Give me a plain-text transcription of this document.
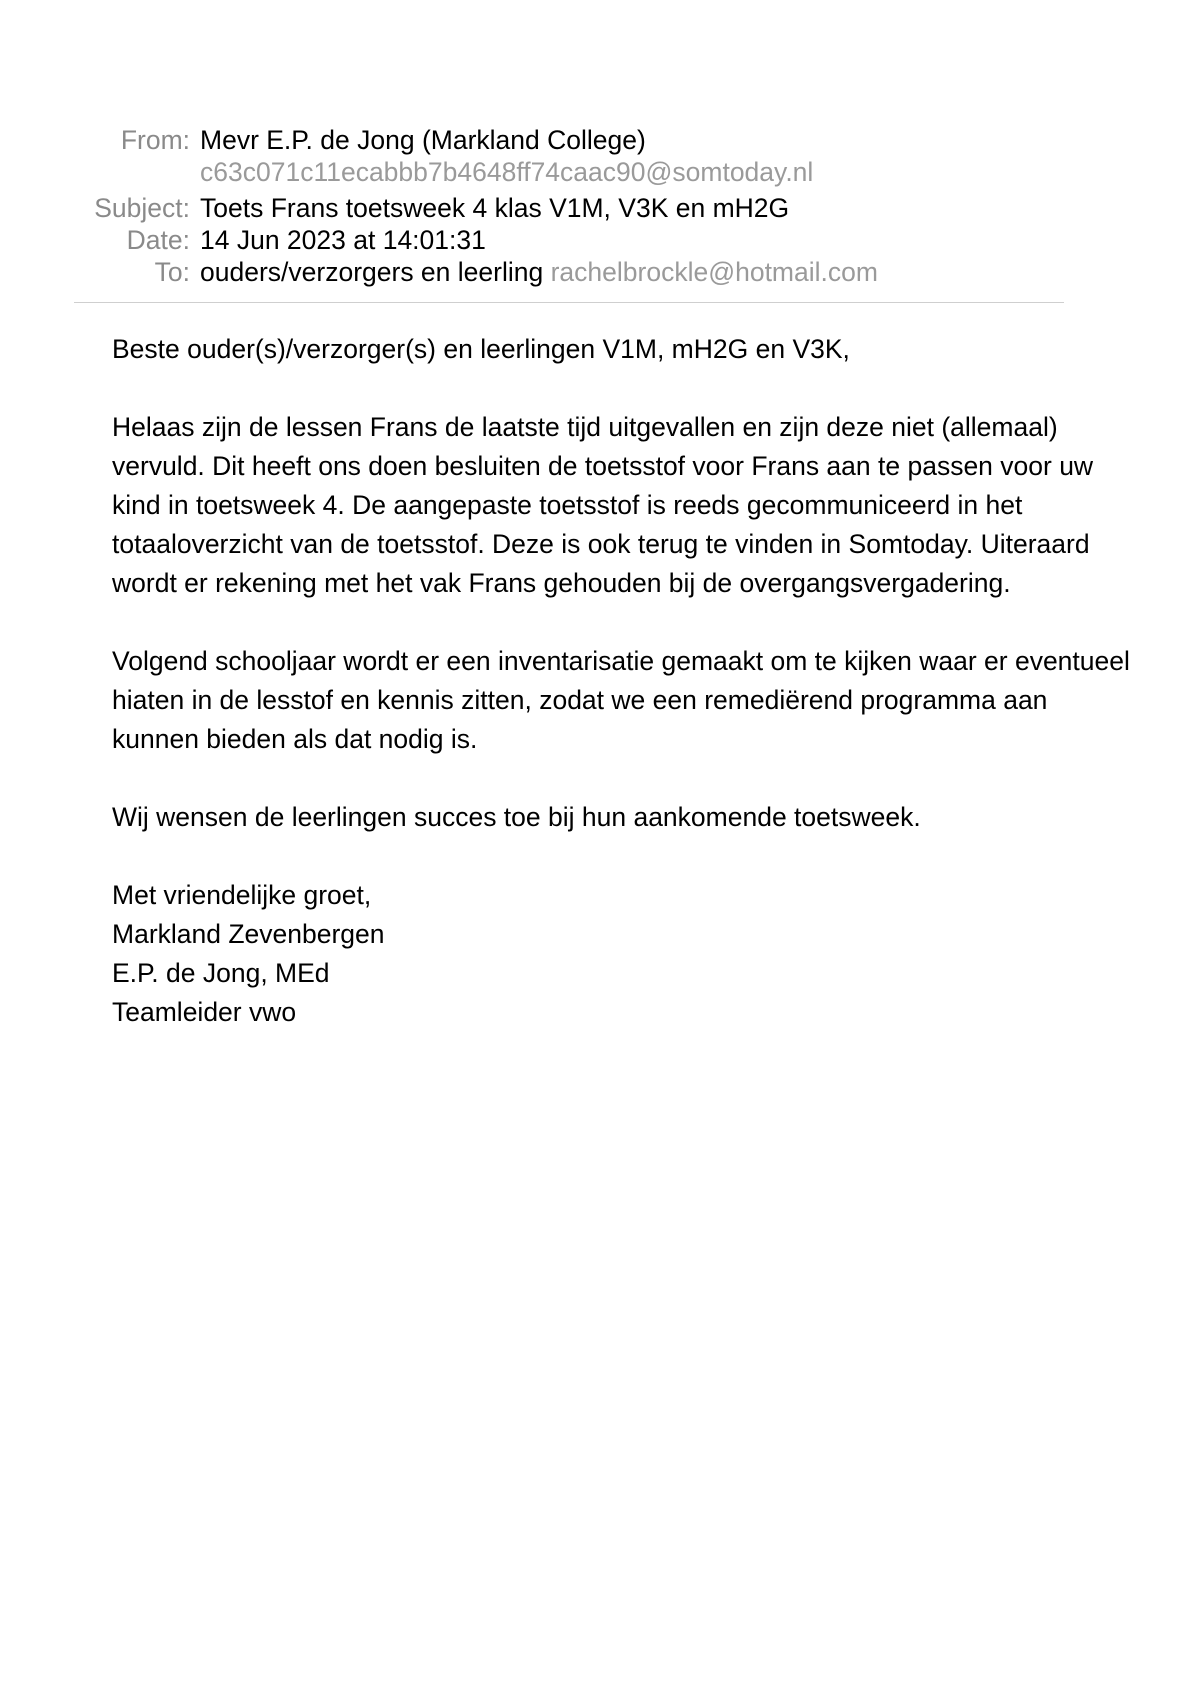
From: Mevr E.P. de Jong (Markland College)
c63c071c11ecabbb7b4648ff74caac90@somtoday.nl
Subject: Toets Frans toetsweek 4 klas V1M, V3K en mH2G
Date: 14 Jun 2023 at 14:01:31
To: ouders/verzorgers en leerling rachelbrockle@hotmail.com

Beste ouder(s)/verzorger(s) en leerlingen V1M, mH2G en V3K,

Helaas zijn de lessen Frans de laatste tijd uitgevallen en zijn deze niet (allemaal) vervuld. Dit heeft ons doen besluiten de toetsstof voor Frans aan te passen voor uw kind in toetsweek 4. De aangepaste toetsstof is reeds gecommuniceerd in het totaaloverzicht van de toetsstof. Deze is ook terug te vinden in Somtoday. Uiteraard wordt er rekening met het vak Frans gehouden bij de overgangsvergadering.

Volgend schooljaar wordt er een inventarisatie gemaakt om te kijken waar er eventueel hiaten in de lesstof en kennis zitten, zodat we een remediërend programma aan kunnen bieden als dat nodig is.

Wij wensen de leerlingen succes toe bij hun aankomende toetsweek.

Met vriendelijke groet,
Markland Zevenbergen
E.P. de Jong, MEd
Teamleider vwo
